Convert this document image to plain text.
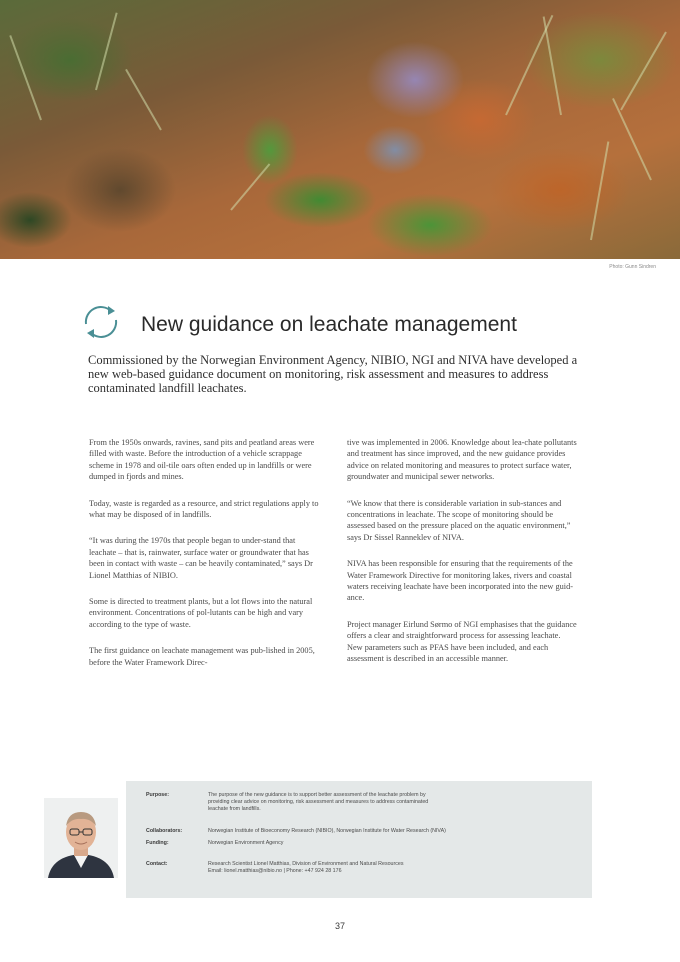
Photo: Gunn Sindren
New guidance on leachate management

Commissioned by the Norwegian Environment Agency, NIBIO, NGI and NIVA have developed a new web-based guidance document on monitoring, risk assessment and measures to address contaminated landfill leachates.

From the 1950s onwards, ravines, sand pits and peatland areas were filled with waste. Before the introduction of a vehicle scrappage scheme in 1978 and oil-tile oars often ended up in landfills or were dumped in fjords and mines.

Today, waste is regarded as a resource, and strict regulations apply to what may be disposed of in landfills.

“It was during the 1970s that people began to under-stand that leachate – that is, rainwater, surface water or groundwater that has been in contact with waste – can be heavily contaminated,” says Dr Lionel Matthias of NIBIO.

Some is directed to treatment plants, but a lot flows into the natural environment. Concentrations of pol-lutants can be high and vary according to the type of waste.

The first guidance on leachate management was pub-lished in 2005, before the Water Framework Direc-

tive was implemented in 2006. Knowledge about lea-chate pollutants and treatment has since improved, and the new guidance provides advice on related monitoring and measures to protect surface water, groundwater and municipal sewer networks.

“We know that there is considerable variation in sub-stances and concentrations in leachate. The scope of monitoring should be assessed based on the pressure placed on the aquatic environment,” says Dr Sissel Ranneklev of NIVA.

NIVA has been responsible for ensuring that the requirements of the Water Framework Directive for monitoring lakes, rivers and coastal waters receiving leachate have been incorporated into the new guid-ance.

Project manager Eirlund Sørmo of NGI emphasises that the guidance offers a clear and straightforward process for assessing leachate. New parameters such as PFAS have been included, and each assessment is described in an accessible manner.

Purpose:	The purpose of the new guidance is to support better assessment of the leachate problem by
providing clear advice on monitoring, risk assessment and measures to address contaminated
leachate from landfills.
Collaborators:	Norwegian Institute of Bioeconomy Research (NIBIO), Norwegian Institute for Water Research (NIVA)
Funding:	Norwegian Environment Agency
Contact:	Research Scientist Lionel Matthias, Division of Environment and Natural Resources
Email: lionel.matthias@nibio.no | Phone: +47 924 28 176
37
